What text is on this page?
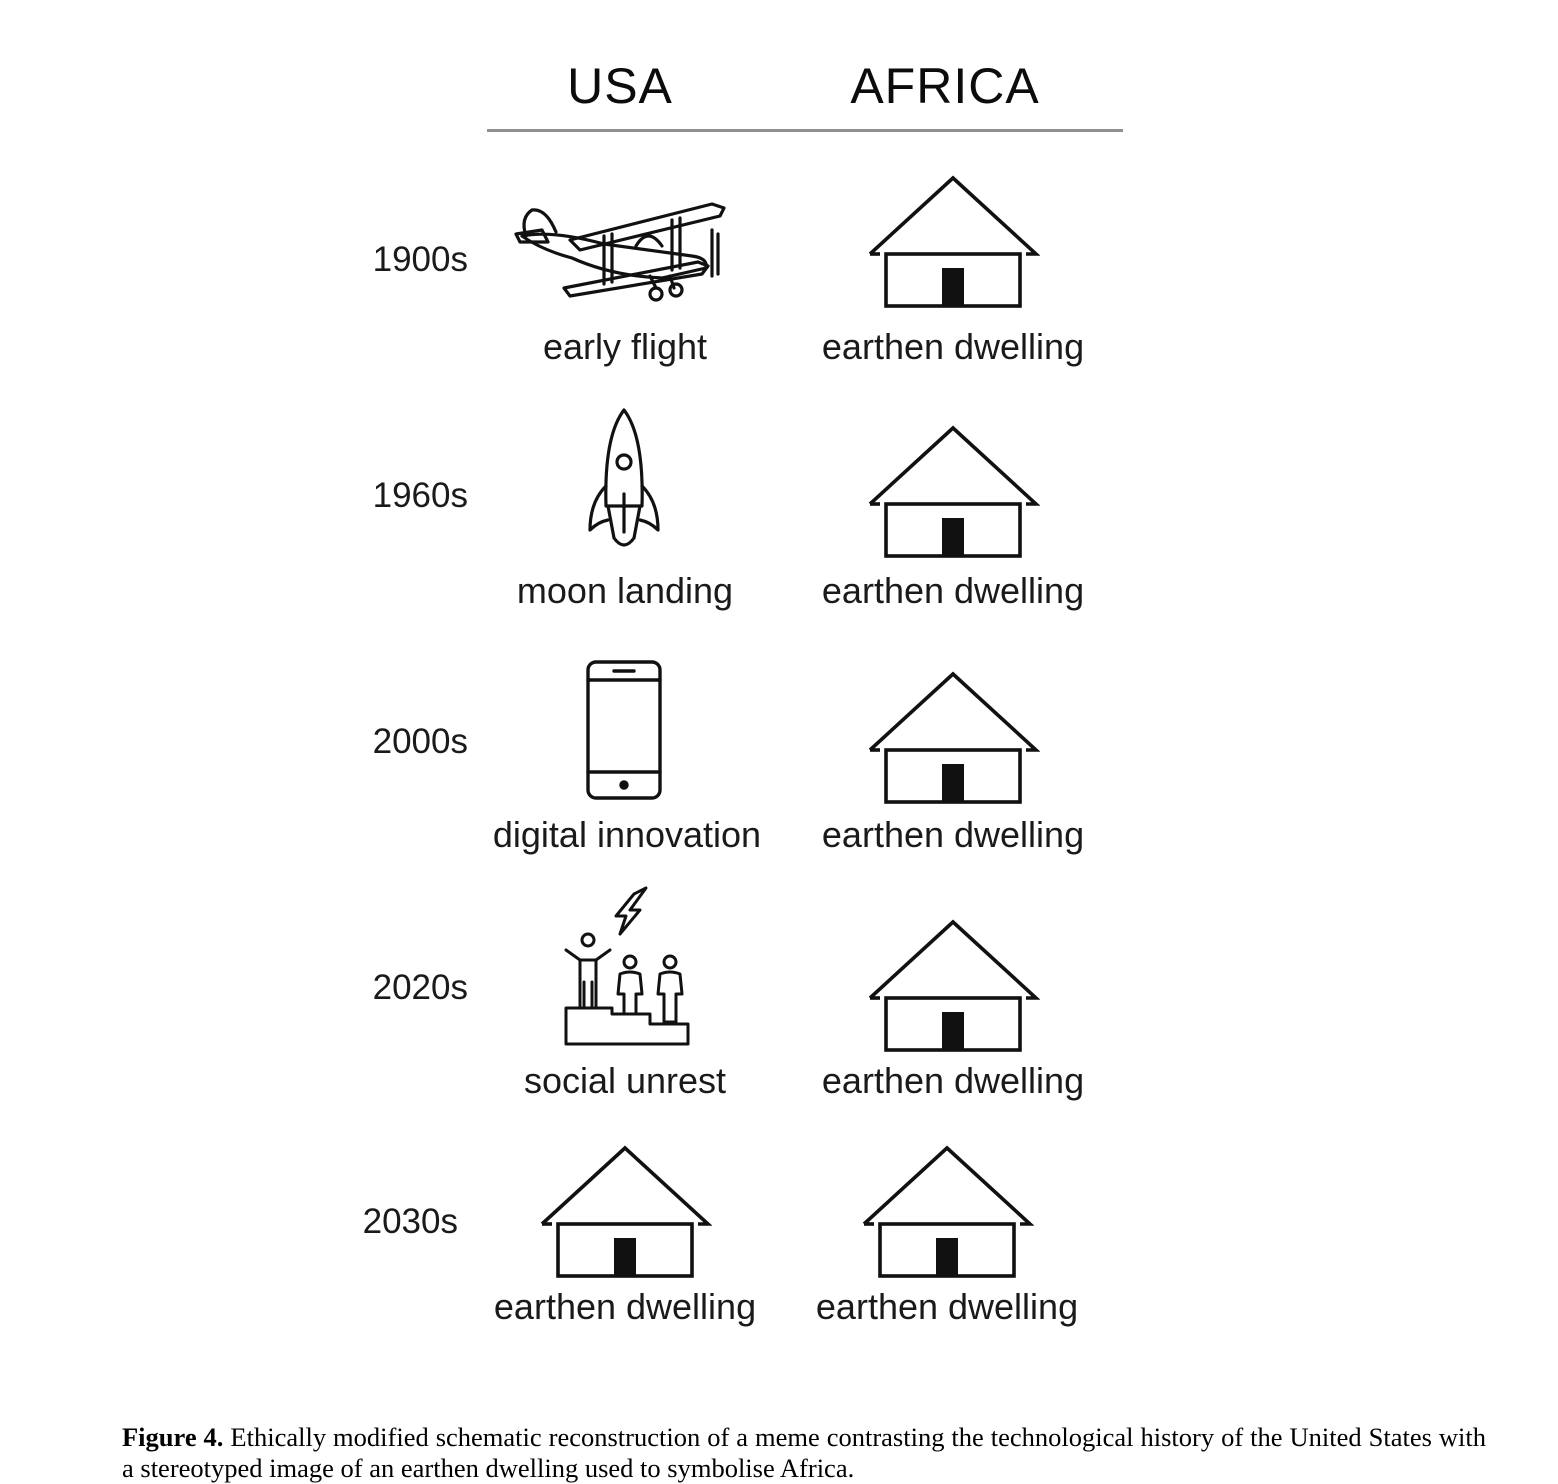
USA	AFRICA
1900s
early flight	earthen dwelling
1960s
moon landing	earthen dwelling
2000s
digital innovation	earthen dwelling
2020s
social unrest	earthen dwelling
2030s
earthen dwelling	earthen dwelling

Figure 4. Ethically modified schematic reconstruction of a meme contrasting the technological history of the United States with a stereotyped image of an earthen dwelling used to symbolise Africa.
